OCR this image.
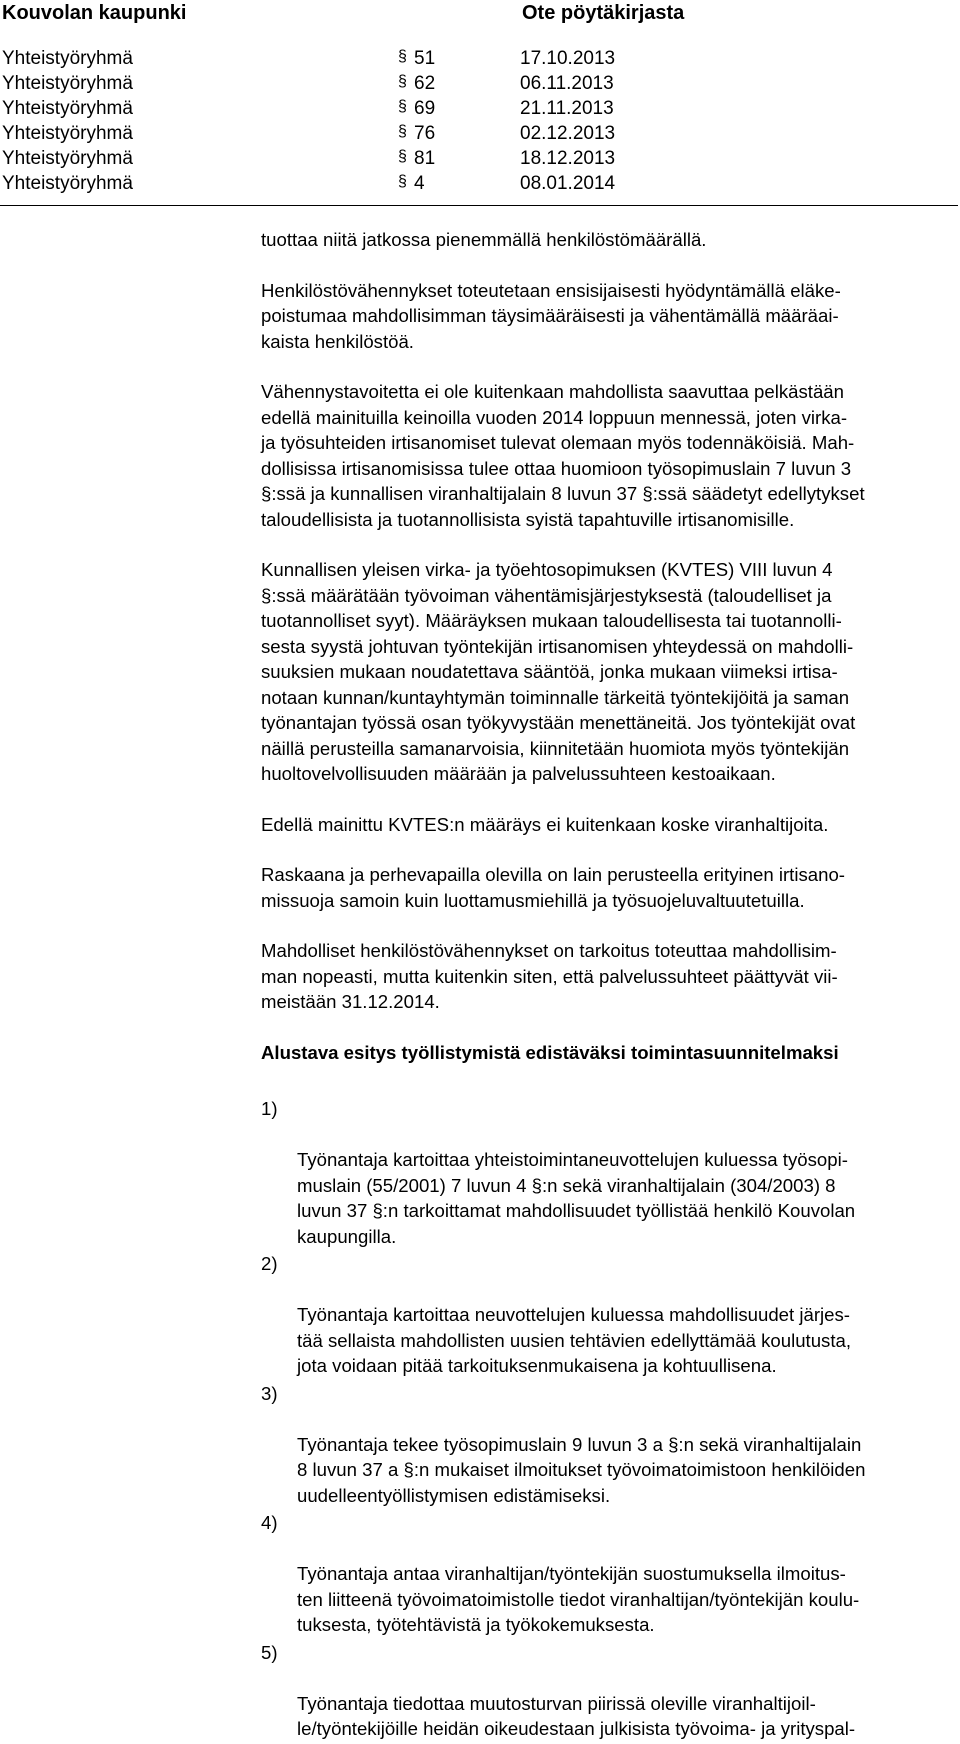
Kouvolan kaupunki	Ote pöytäkirjasta
Yhteistyöryhmä	§ 51	17.10.2013
Yhteistyöryhmä	§ 62	06.11.2013
Yhteistyöryhmä	§ 69	21.11.2013
Yhteistyöryhmä	§ 76	02.12.2013
Yhteistyöryhmä	§ 81	18.12.2013
Yhteistyöryhmä	§ 4	08.01.2014

tuottaa niitä jatkossa pienemmällä henkilöstömäärällä.

Henkilöstövähennykset toteutetaan ensisijaisesti hyödyntämällä eläke-
poistumaa mahdollisimman täysimääräisesti ja vähentämällä määräai-
kaista henkilöstöä.

Vähennystavoitetta ei ole kuitenkaan mahdollista saavuttaa pelkästään
edellä mainituilla keinoilla vuoden 2014 loppuun mennessä, joten virka-
ja työsuhteiden irtisanomiset tulevat olemaan myös todennäköisiä. Mah-
dollisissa irtisanomisissa tulee ottaa huomioon työsopimuslain 7 luvun 3
§:ssä ja kunnallisen viranhaltijalain 8 luvun 37 §:ssä säädetyt edellytykset
taloudellisista ja tuotannollisista syistä tapahtuville irtisanomisille.

Kunnallisen yleisen virka- ja työehtosopimuksen (KVTES) VIII luvun 4
§:ssä määrätään työvoiman vähentämisjärjestyksestä (taloudelliset ja
tuotannolliset syyt). Määräyksen mukaan taloudellisesta tai tuotannolli-
sesta syystä johtuvan työntekijän irtisanomisen yhteydessä on mahdolli-
suuksien mukaan noudatettava sääntöä, jonka mukaan viimeksi irtisa-
notaan kunnan/kuntayhtymän toiminnalle tärkeitä työntekijöitä ja saman
työnantajan työssä osan työkyvystään menettäneitä. Jos työntekijät ovat
näillä perusteilla samanarvoisia, kiinnitetään huomiota myös työntekijän
huoltovelvollisuuden määrään ja palvelussuhteen kestoaikaan.

Edellä mainittu KVTES:n määräys ei kuitenkaan koske viranhaltijoita.

Raskaana ja perhevapailla olevilla on lain perusteella erityinen irtisano-
missuoja samoin kuin luottamusmiehillä ja työsuojeluvaltuutetuilla.

Mahdolliset henkilöstövähennykset on tarkoitus toteuttaa mahdollisim-
man nopeasti, mutta kuitenkin siten, että palvelussuhteet päättyvät vii-
meistään 31.12.2014.

Alustava esitys työllistymistä edistäväksi toimintasuunnitelmaksi

1)

Työnantaja kartoittaa yhteistoimintaneuvottelujen kuluessa työsopi-
muslain (55/2001) 7 luvun 4 §:n sekä viranhaltijalain (304/2003) 8
luvun 37 §:n tarkoittamat mahdollisuudet työllistää henkilö Kouvolan
kaupungilla.

2)

Työnantaja kartoittaa neuvottelujen kuluessa mahdollisuudet järjes-
tää sellaista mahdollisten uusien tehtävien edellyttämää koulutusta,
jota voidaan pitää tarkoituksenmukaisena ja kohtuullisena.

3)

Työnantaja tekee työsopimuslain 9 luvun 3 a §:n sekä viranhaltijalain
8 luvun 37 a §:n mukaiset ilmoitukset työvoimatoimistoon henkilöiden
uudelleentyöllistymisen edistämiseksi.

4)

Työnantaja antaa viranhaltijan/työntekijän suostumuksella ilmoitus-
ten liitteenä työvoimatoimistolle tiedot viranhaltijan/työntekijän koulu-
tuksesta, työtehtävistä ja työkokemuksesta.

5)

Työnantaja tiedottaa muutosturvan piirissä oleville viranhaltijoil-
le/työntekijöille heidän oikeudestaan julkisista työvoima- ja yrityspal-
